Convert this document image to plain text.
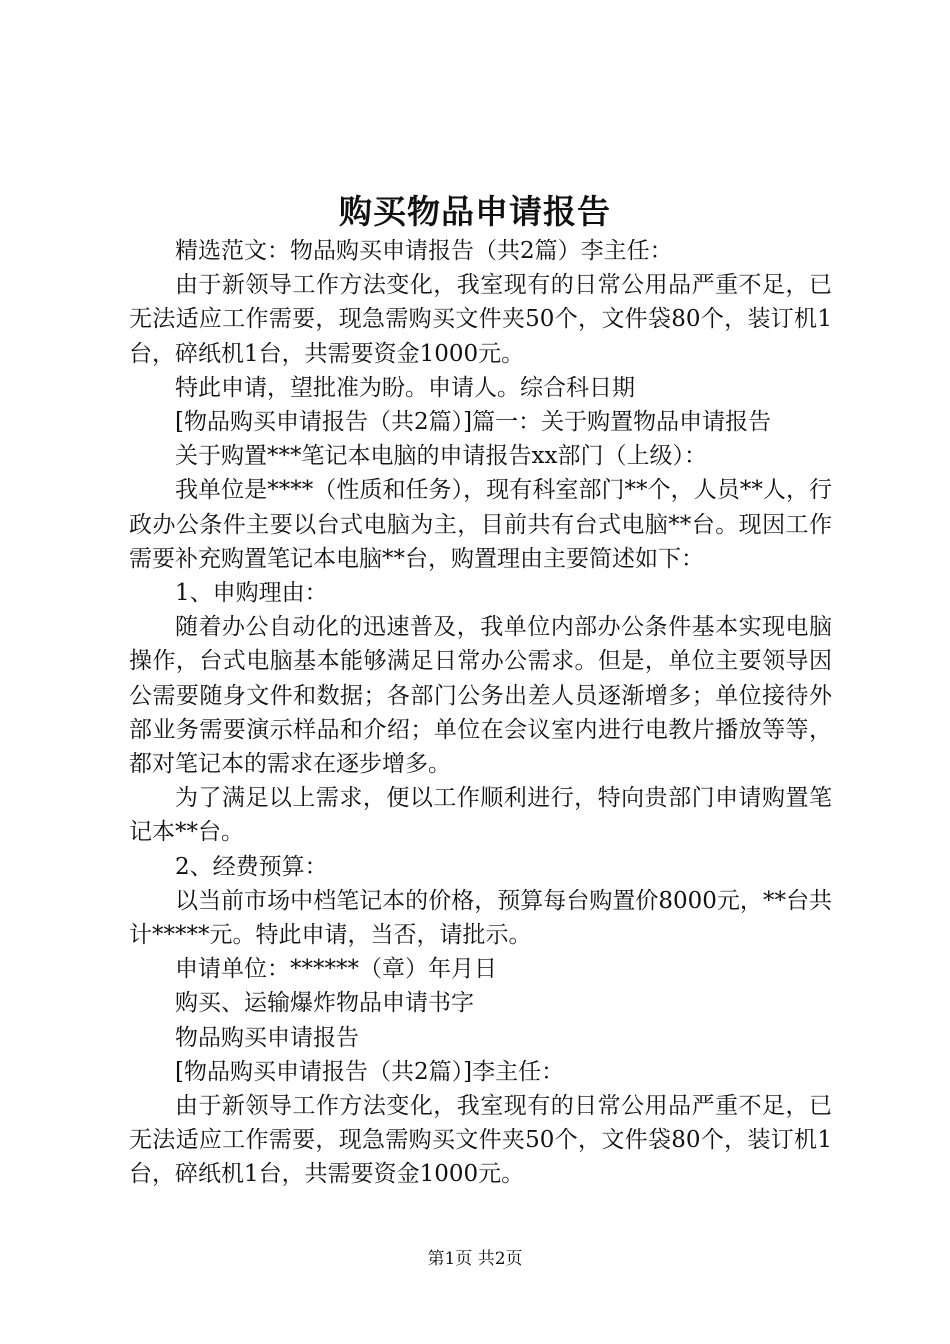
购买物品申请报告

精选范文：物品购买申请报告（共2篇）李主任：

由于新领导工作方法变化，我室现有的日常公用品严重不足，已无法适应工作需要，现急需购买文件夹50个，文件袋80个，装订机1台，碎纸机1台，共需要资金1000元。

特此申请，望批准为盼。申请人。综合科日期

[物品购买申请报告（共2篇）]篇一：关于购置物品申请报告

关于购置***笔记本电脑的申请报告xx部门（上级）：

我单位是****（性质和任务），现有科室部门**个，人员**人，行政办公条件主要以台式电脑为主，目前共有台式电脑**台。现因工作需要补充购置笔记本电脑**台，购置理由主要简述如下：

1、申购理由：

随着办公自动化的迅速普及，我单位内部办公条件基本实现电脑操作，台式电脑基本能够满足日常办公需求。但是，单位主要领导因公需要随身文件和数据；各部门公务出差人员逐渐增多；单位接待外部业务需要演示样品和介绍；单位在会议室内进行电教片播放等等，都对笔记本的需求在逐步增多。

为了满足以上需求，便以工作顺利进行，特向贵部门申请购置笔记本**台。

2、经费预算：

以当前市场中档笔记本的价格，预算每台购置价8000元，**台共计*****元。特此申请，当否，请批示。

申请单位：******（章）年月日

购买、运输爆炸物品申请书字

物品购买申请报告

[物品购买申请报告（共2篇）]李主任：

由于新领导工作方法变化，我室现有的日常公用品严重不足，已无法适应工作需要，现急需购买文件夹50个，文件袋80个，装订机1台，碎纸机1台，共需要资金1000元。

第1页 共2页
